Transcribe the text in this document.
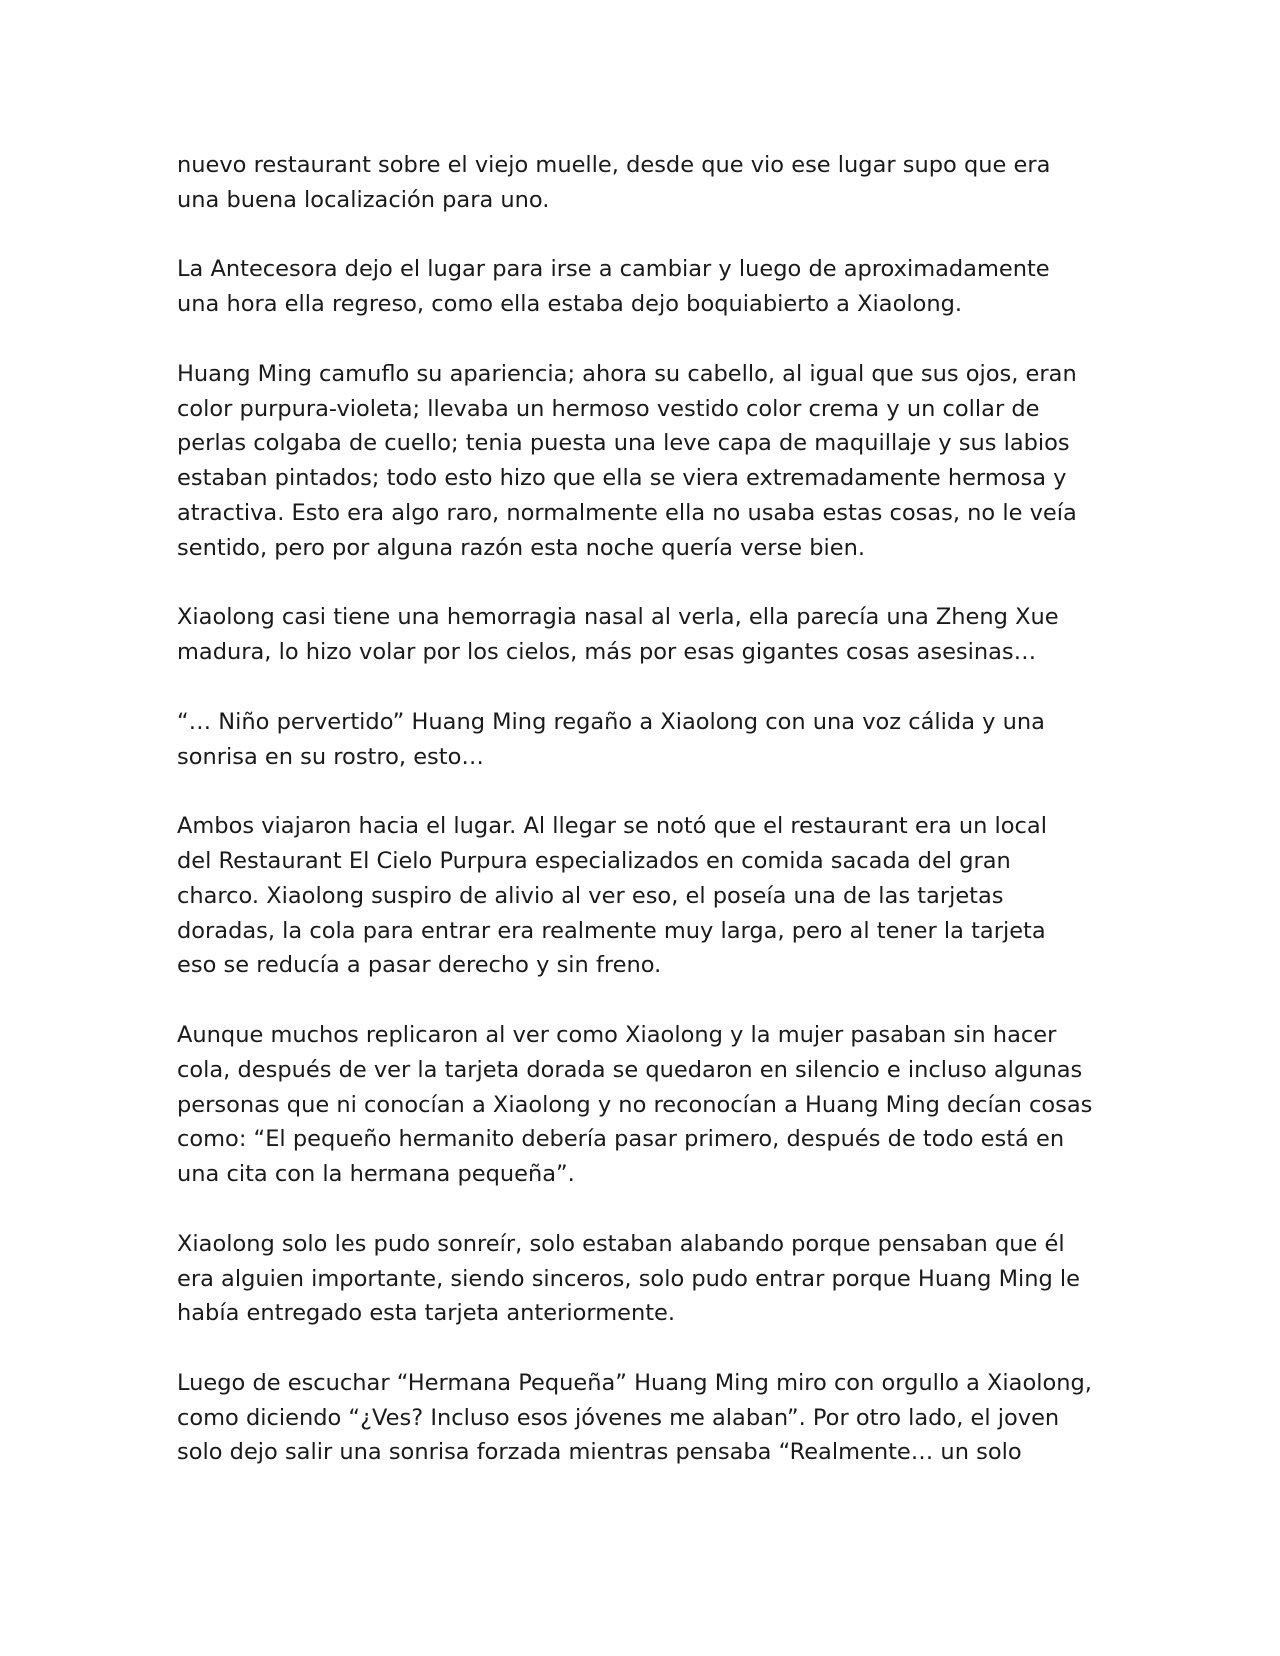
nuevo restaurant sobre el viejo muelle, desde que vio ese lugar supo que era
una buena localización para uno.

La Antecesora dejo el lugar para irse a cambiar y luego de aproximadamente
una hora ella regreso, como ella estaba dejo boquiabierto a Xiaolong.

Huang Ming camuflo su apariencia; ahora su cabello, al igual que sus ojos, eran
color purpura-violeta; llevaba un hermoso vestido color crema y un collar de
perlas colgaba de cuello; tenia puesta una leve capa de maquillaje y sus labios
estaban pintados; todo esto hizo que ella se viera extremadamente hermosa y
atractiva. Esto era algo raro, normalmente ella no usaba estas cosas, no le veía
sentido, pero por alguna razón esta noche quería verse bien.

Xiaolong casi tiene una hemorragia nasal al verla, ella parecía una Zheng Xue
madura, lo hizo volar por los cielos, más por esas gigantes cosas asesinas…

“… Niño pervertido” Huang Ming regaño a Xiaolong con una voz cálida y una
sonrisa en su rostro, esto…

Ambos viajaron hacia el lugar. Al llegar se notó que el restaurant era un local
del Restaurant El Cielo Purpura especializados en comida sacada del gran
charco. Xiaolong suspiro de alivio al ver eso, el poseía una de las tarjetas
doradas, la cola para entrar era realmente muy larga, pero al tener la tarjeta
eso se reducía a pasar derecho y sin freno.

Aunque muchos replicaron al ver como Xiaolong y la mujer pasaban sin hacer
cola, después de ver la tarjeta dorada se quedaron en silencio e incluso algunas
personas que ni conocían a Xiaolong y no reconocían a Huang Ming decían cosas
como: “El pequeño hermanito debería pasar primero, después de todo está en
una cita con la hermana pequeña”.

Xiaolong solo les pudo sonreír, solo estaban alabando porque pensaban que él
era alguien importante, siendo sinceros, solo pudo entrar porque Huang Ming le
había entregado esta tarjeta anteriormente.

Luego de escuchar “Hermana Pequeña” Huang Ming miro con orgullo a Xiaolong,
como diciendo “¿Ves? Incluso esos jóvenes me alaban”. Por otro lado, el joven
solo dejo salir una sonrisa forzada mientras pensaba “Realmente… un solo
